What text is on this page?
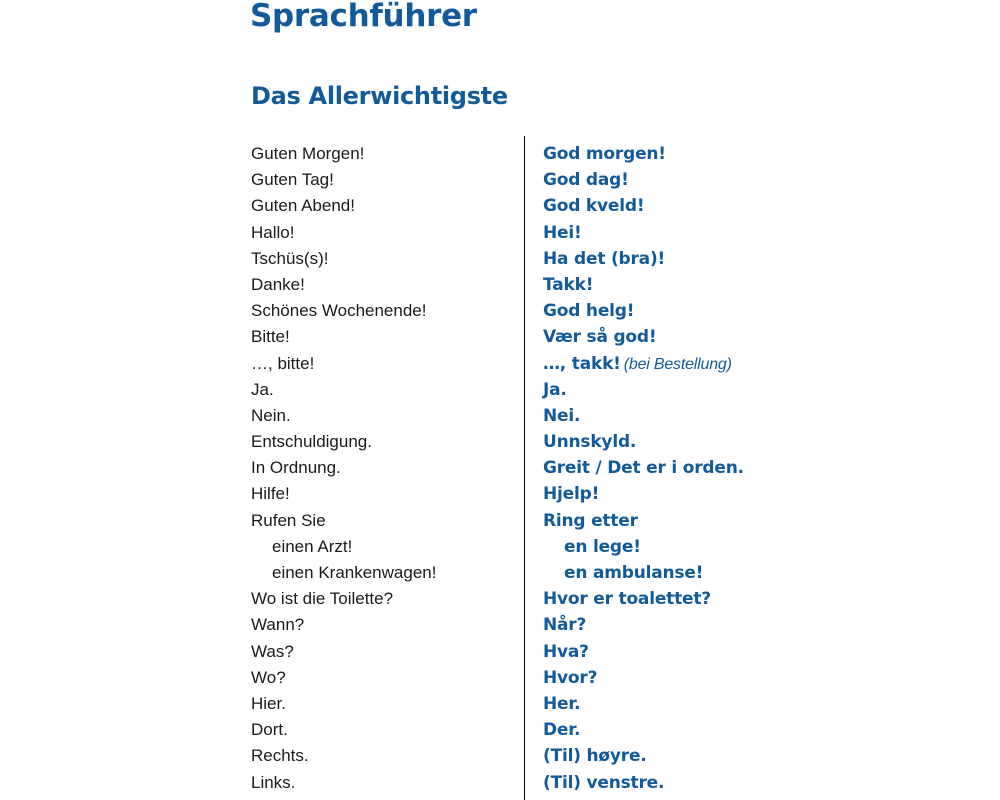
Sprachführer
Das Allerwichtigste
Guten Morgen!	God morgen!
Guten Tag!	God dag!
Guten Abend!	God kveld!
Hallo!	Hei!
Tschüs(s)!	Ha det (bra)!
Danke!	Takk!
Schönes Wochenende!	God helg!
Bitte!	Vær så god!
…, bitte!	…, takk! (bei Bestellung)
Ja.	Ja.
Nein.	Nei.
Entschuldigung.	Unnskyld.
In Ordnung.	Greit / Det er i orden.
Hilfe!	Hjelp!
Rufen Sie	Ring etter
einen Arzt!	en lege!
einen Krankenwagen!	en ambulanse!
Wo ist die Toilette?	Hvor er toalettet?
Wann?	Når?
Was?	Hva?
Wo?	Hvor?
Hier.	Her.
Dort.	Der.
Rechts.	(Til) høyre.
Links.	(Til) venstre.
